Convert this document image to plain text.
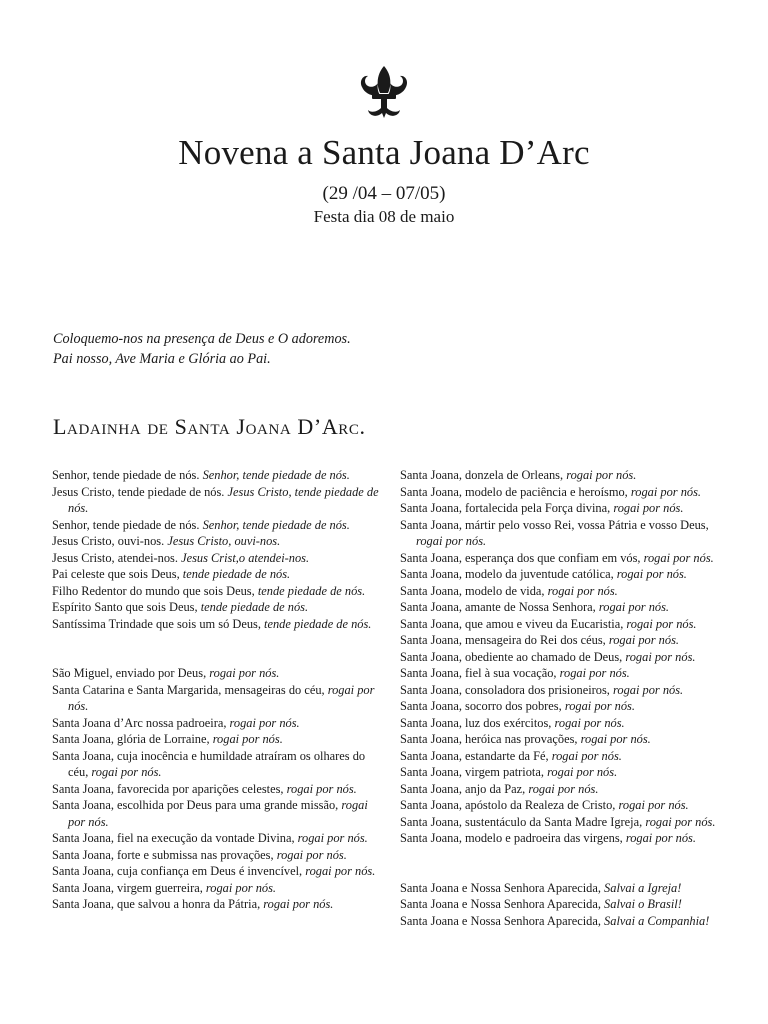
Novena a Santa Joana D’Arc
(29 /04 – 07/05)
Festa dia 08 de maio
Coloquemo-nos na presença de Deus e O adoremos.
Pai nosso, Ave Maria e Glória ao Pai.
Ladainha de Santa Joana D’Arc.
Senhor, tende piedade de nós. Senhor, tende piedade de nós.
Jesus Cristo, tende piedade de nós. Jesus Cristo, tende piedade de nós.
Senhor, tende piedade de nós. Senhor, tende piedade de nós.
Jesus Cristo, ouvi-nos. Jesus Cristo, ouvi-nos.
Jesus Cristo, atendei-nos. Jesus Crist,o atendei-nos.
Pai celeste que sois Deus, tende piedade de nós.
Filho Redentor do mundo que sois Deus, tende piedade de nós.
Espírito Santo que sois Deus, tende piedade de nós.
Santíssima Trindade que sois um só Deus, tende piedade de nós.
São Miguel, enviado por Deus, rogai por nós.
Santa Catarina e Santa Margarida, mensageiras do céu, rogai por nós.
Santa Joana d’Arc nossa padroeira, rogai por nós.
Santa Joana, glória de Lorraine, rogai por nós.
Santa Joana, cuja inocência e humildade atraíram os olhares do céu, rogai por nós.
Santa Joana, favorecida por aparições celestes, rogai por nós.
Santa Joana, escolhida por Deus para uma grande missão, rogai por nós.
Santa Joana, fiel na execução da vontade Divina, rogai por nós.
Santa Joana, forte e submissa nas provações, rogai por nós.
Santa Joana, cuja confiança em Deus é invencível, rogai por nós.
Santa Joana, virgem guerreira, rogai por nós.
Santa Joana, que salvou a honra da Pátria, rogai por nós.
Santa Joana, donzela de Orleans, rogai por nós.
Santa Joana, modelo de paciência e heroísmo, rogai por nós.
Santa Joana, fortalecida pela Força divina, rogai por nós.
Santa Joana, mártir pelo vosso Rei, vossa Pátria e vosso Deus, rogai por nós.
Santa Joana, esperança dos que confiam em vós, rogai por nós.
Santa Joana, modelo da juventude católica, rogai por nós.
Santa Joana, modelo de vida, rogai por nós.
Santa Joana, amante de Nossa Senhora, rogai por nós.
Santa Joana, que amou e viveu da Eucaristia, rogai por nós.
Santa Joana, mensageira do Rei dos céus, rogai por nós.
Santa Joana, obediente ao chamado de Deus, rogai por nós.
Santa Joana, fiel à sua vocação, rogai por nós.
Santa Joana, consoladora dos prisioneiros, rogai por nós.
Santa Joana, socorro dos pobres, rogai por nós.
Santa Joana, luz dos exércitos, rogai por nós.
Santa Joana, heróica nas provações, rogai por nós.
Santa Joana, estandarte da Fé, rogai por nós.
Santa Joana, virgem patriota, rogai por nós.
Santa Joana, anjo da Paz, rogai por nós.
Santa Joana, apóstolo da Realeza de Cristo, rogai por nós.
Santa Joana, sustentáculo da Santa Madre Igreja, rogai por nós.
Santa Joana, modelo e padroeira das virgens, rogai por nós.
Santa Joana e Nossa Senhora Aparecida, Salvai a Igreja!
Santa Joana e Nossa Senhora Aparecida, Salvai o Brasil!
Santa Joana e Nossa Senhora Aparecida, Salvai a Companhia!
